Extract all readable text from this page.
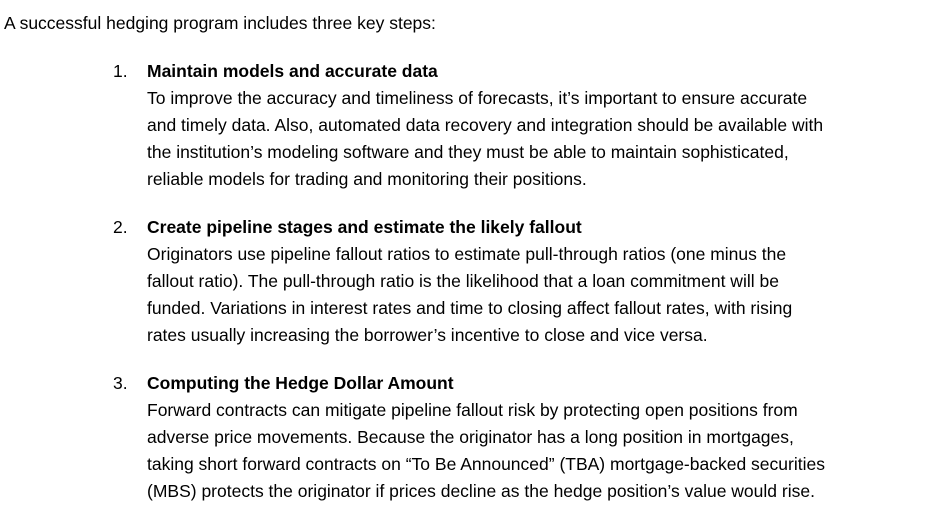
A successful hedging program includes three key steps:

1. Maintain models and accurate data
To improve the accuracy and timeliness of forecasts, it’s important to ensure accurate
and timely data. Also, automated data recovery and integration should be available with
the institution’s modeling software and they must be able to maintain sophisticated,
reliable models for trading and monitoring their positions.
2. Create pipeline stages and estimate the likely fallout
Originators use pipeline fallout ratios to estimate pull-through ratios (one minus the
fallout ratio). The pull-through ratio is the likelihood that a loan commitment will be
funded. Variations in interest rates and time to closing affect fallout rates, with rising
rates usually increasing the borrower’s incentive to close and vice versa.
3. Computing the Hedge Dollar Amount
Forward contracts can mitigate pipeline fallout risk by protecting open positions from
adverse price movements. Because the originator has a long position in mortgages,
taking short forward contracts on “To Be Announced” (TBA) mortgage-backed securities
(MBS) protects the originator if prices decline as the hedge position’s value would rise.
